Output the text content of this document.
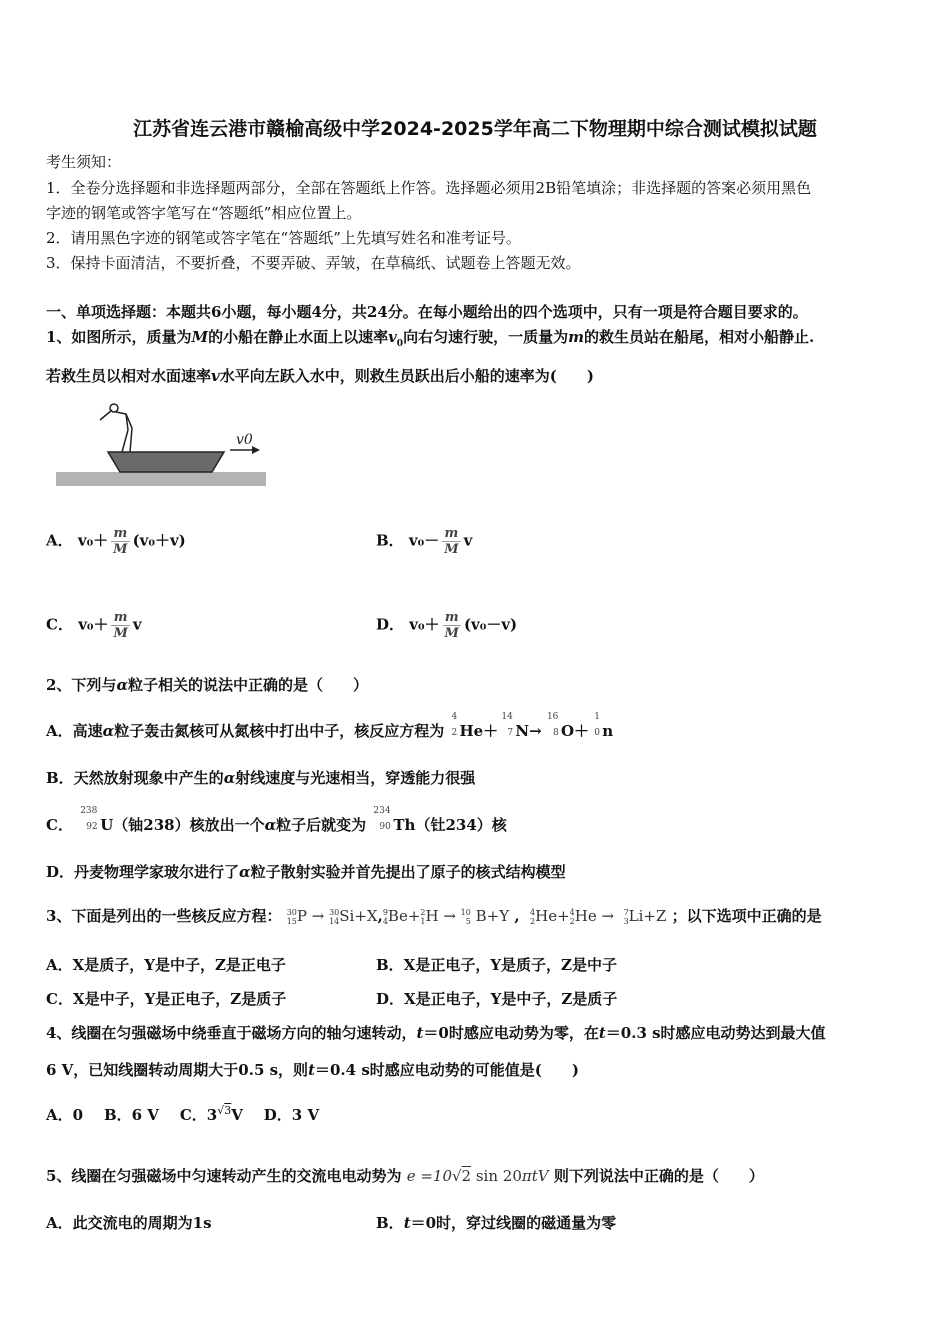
江苏省连云港市赣榆高级中学2024-2025学年高二下物理期中综合测试模拟试题
考生须知：
1．全卷分选择题和非选择题两部分，全部在答题纸上作答。选择题必须用2B铅笔填涂；非选择题的答案必须用黑色
字迹的钢笔或答字笔写在“答题纸”相应位置上。
2．请用黑色字迹的钢笔或答字笔在“答题纸”上先填写姓名和准考证号。
3．保持卡面清洁，不要折叠，不要弄破、弄皱，在草稿纸、试题卷上答题无效。
一、单项选择题：本题共6小题，每小题4分，共24分。在每小题给出的四个选项中，只有一项是符合题目要求的。
1、如图所示，质量为M的小船在静止水面上以速率$v_0$向右匀速行驶，一质量为m的救生员站在船尾，相对小船静止.
若救生员以相对水面速率v水平向左跃入水中，则救生员跃出后小船的速率为(　　)
v0
A． $v_0+ \frac{m}{M} (v_0+v)$	B． $v_0- \frac{m}{M}$ v
C． $v_0+ \frac{m}{M}$ v	D． $v_0+ \frac{m}{M} (v_0-v)$
2、下列与α粒子相关的说法中正确的是（　　）
A．高速α粒子轰击氮核可从氮核中打出中子，核反应方程为
4
2 He＋
14
7 N→
16
8 O＋
1
0 n
B．天然放射现象中产生的α射线速度与光速相当，穿透能力很强
C．
238
92 U（铀238）核放出一个α粒子后就变为
234
90 Th（钍234）核
D．丹麦物理学家玻尔进行了α粒子散射实验并首先提出了原子的核式结构模型
3、下面是列出的一些核反应方程： 30
15P → 30
14Si+X,9
4Be+2
1H → 10
5 B+Y ,  4
2He+4
2He →  7
3Li+Z ；以下选项中正确的是
A．X是质子，Y是中子，Z是正电子	B．X是正电子，Y是质子，Z是中子
C．X是中子，Y是正电子，Z是质子	D．X是正电子，Y是中子，Z是质子
4、线圈在匀强磁场中绕垂直于磁场方向的轴匀速转动，t＝0时感应电动势为零，在t＝0.3 s时感应电动势达到最大值
6 V，已知线圈转动周期大于0.5 s，则t＝0.4 s时感应电动势的可能值是(　　)
A．0 B．6 V C．$3^{√3}V$ D．3 V
5、线圈在匀强磁场中匀速转动产生的交流电电动势为 e =10√2 sin 20πtV 则下列说法中正确的是（　　）
A．此交流电的周期为1s	B．t＝0时，穿过线圈的磁通量为零
